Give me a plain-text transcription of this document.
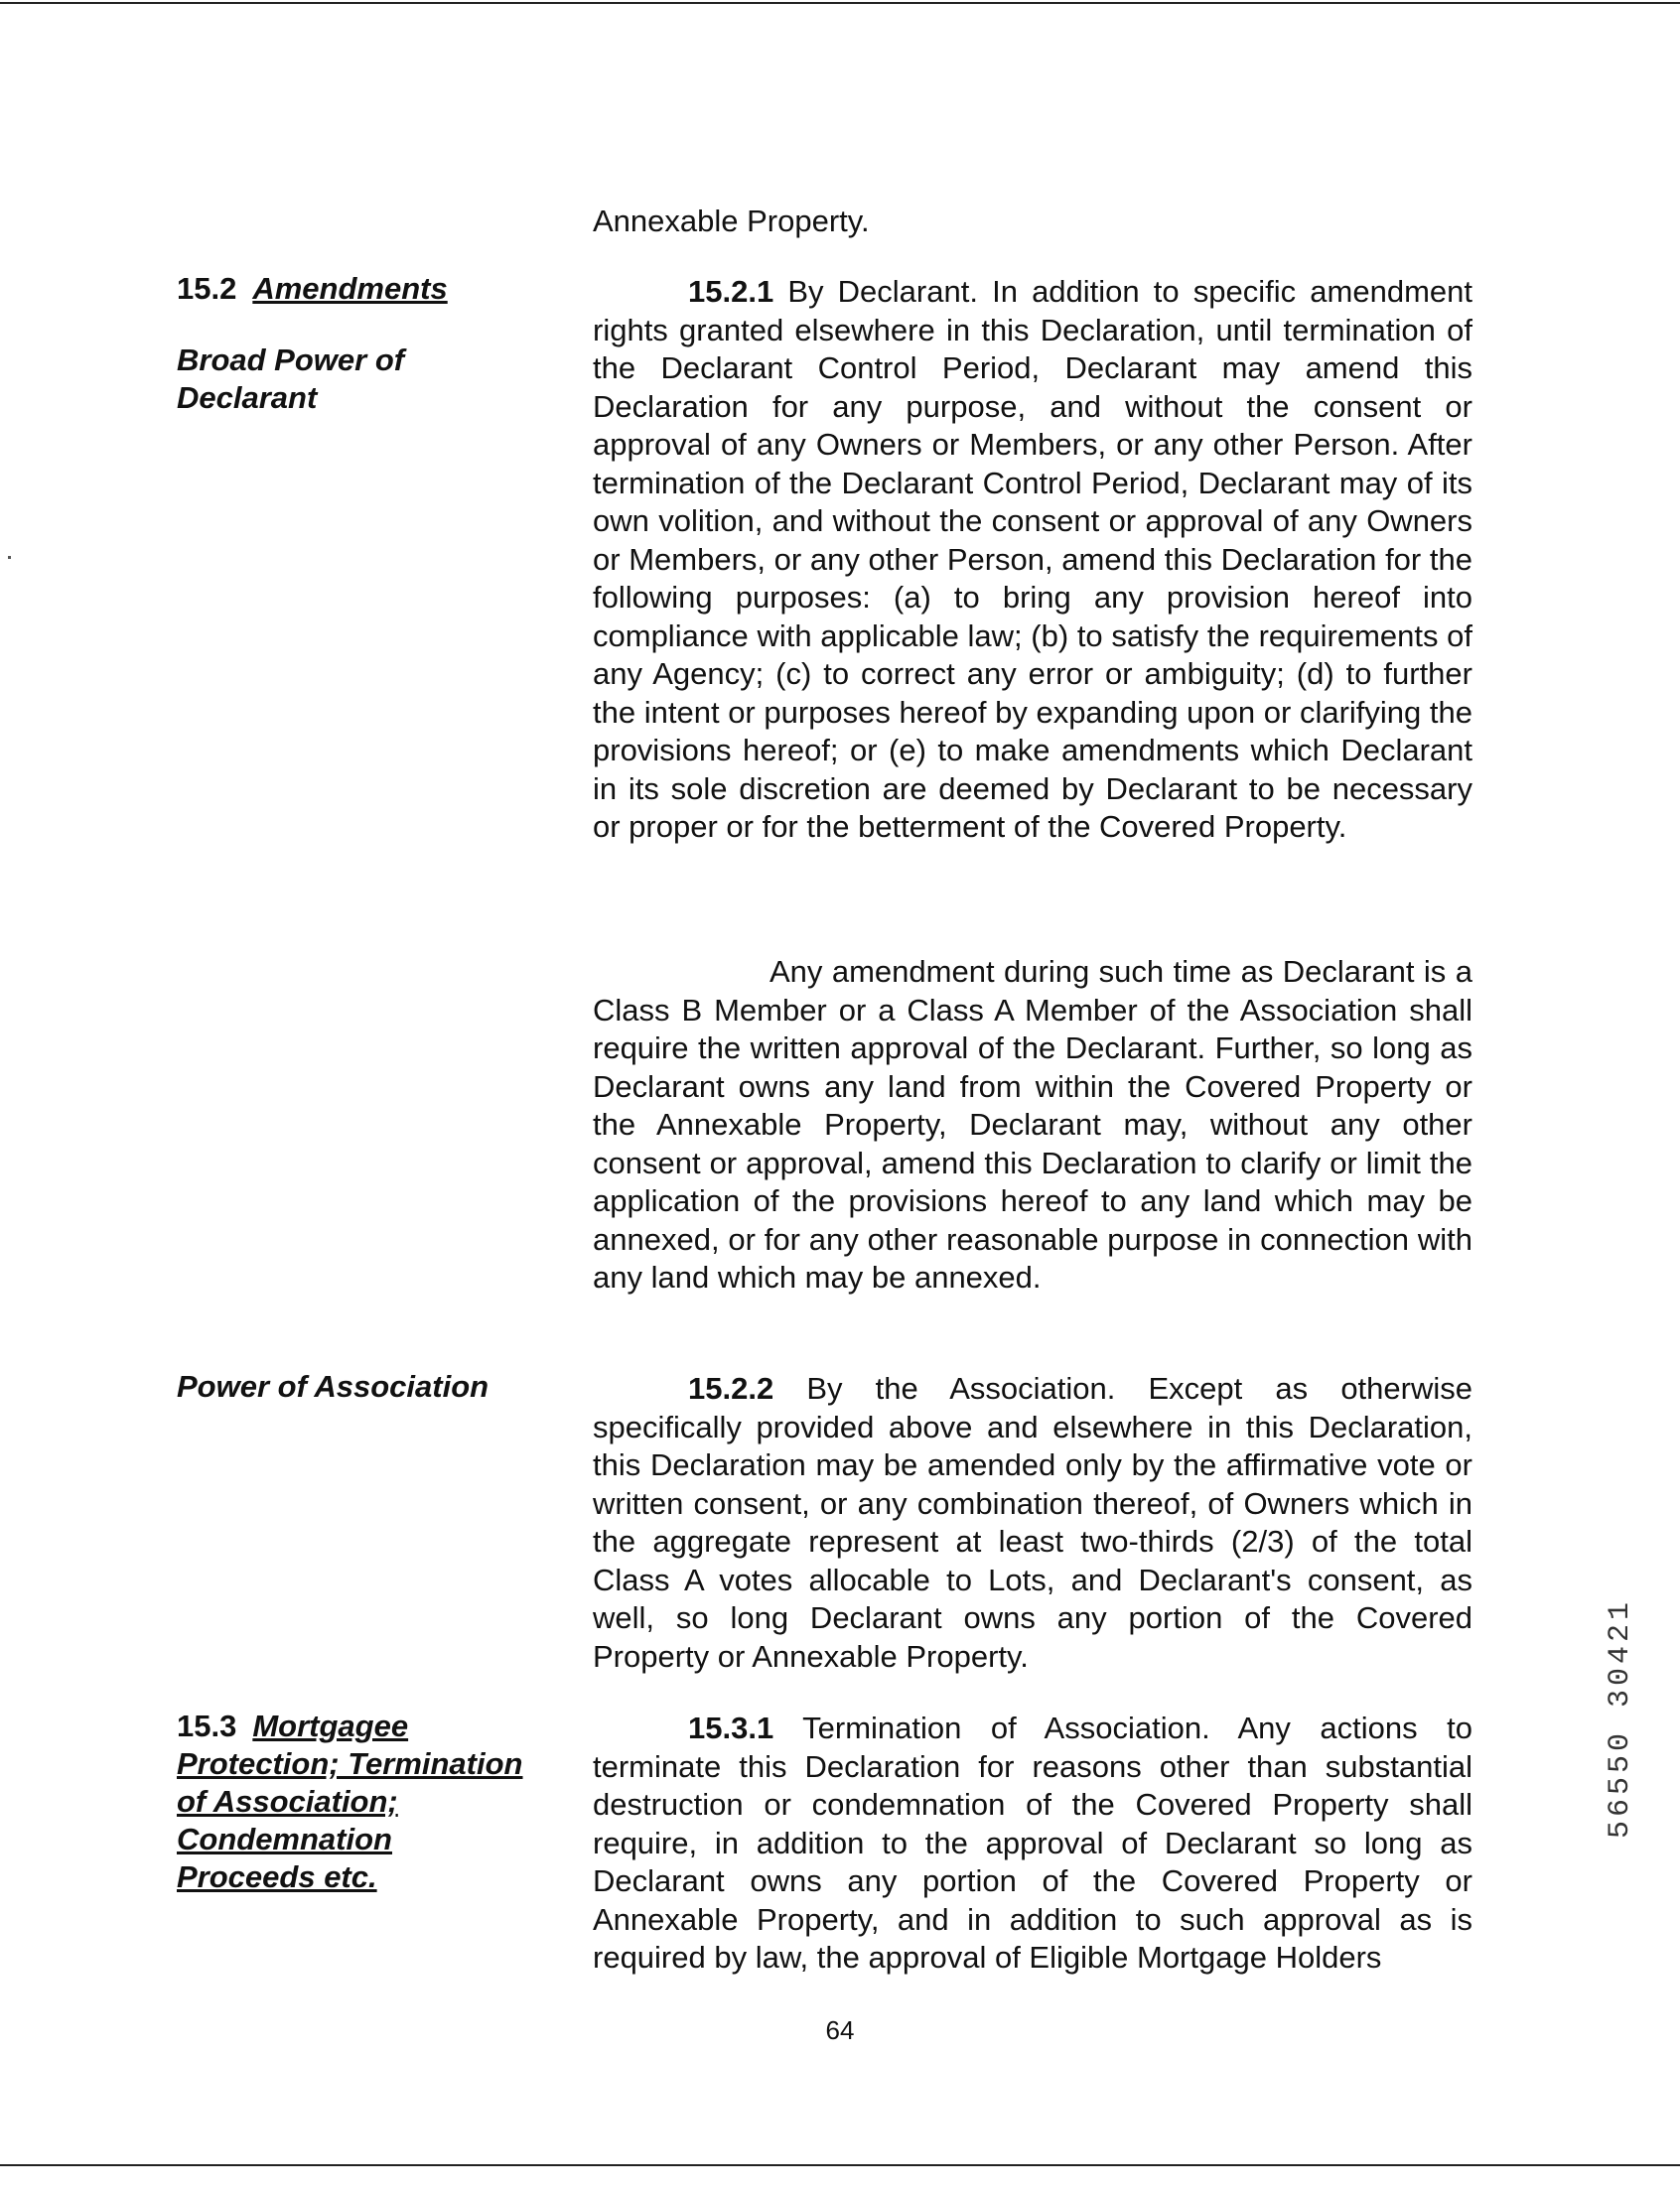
Annexable Property.

15.2 Amendments
Broad Power of
Declarant
Power of Association
15.3 Mortgagee
Protection; Termination
of Association;
Condemnation
Proceeds etc.

15.2.1 By Declarant. In addition to specific amendment rights granted elsewhere in this Declaration, until termination of the Declarant Control Period, Declarant may amend this Declaration for any purpose, and without the consent or approval of any Owners or Members, or any other Person. After termination of the Declarant Control Period, Declarant may of its own volition, and without the consent or approval of any Owners or Members, or any other Person, amend this Declaration for the following purposes: (a) to bring any provision hereof into compliance with applicable law; (b) to satisfy the requirements of any Agency; (c) to correct any error or ambiguity; (d) to further the intent or purposes hereof by expanding upon or clarifying the provisions hereof; or (e) to make amendments which Declarant in its sole discretion are deemed by Declarant to be necessary or proper or for the betterment of the Covered Property.

Any amendment during such time as Declarant is a Class B Member or a Class A Member of the Association shall require the written approval of the Declarant. Further, so long as Declarant owns any land from within the Covered Property or the Annexable Property, Declarant may, without any other consent or approval, amend this Declaration to clarify or limit the application of the provisions hereof to any land which may be annexed, or for any other reasonable purpose in connection with any land which may be annexed.

15.2.2 By the Association. Except as otherwise specifically provided above and elsewhere in this Declaration, this Declaration may be amended only by the affirmative vote or written consent, or any combination thereof, of Owners which in the aggregate represent at least two-thirds (2/3) of the total Class A votes allocable to Lots, and Declarant's consent, as well, so long Declarant owns any portion of the Covered Property or Annexable Property.

15.3.1 Termination of Association. Any actions to terminate this Declaration for reasons other than substantial destruction or condemnation of the Covered Property shall require, in addition to the approval of Declarant so long as Declarant owns any portion of the Covered Property or Annexable Property, and in addition to such approval as is required by law, the approval of Eligible Mortgage Holders

64
56550 30421
